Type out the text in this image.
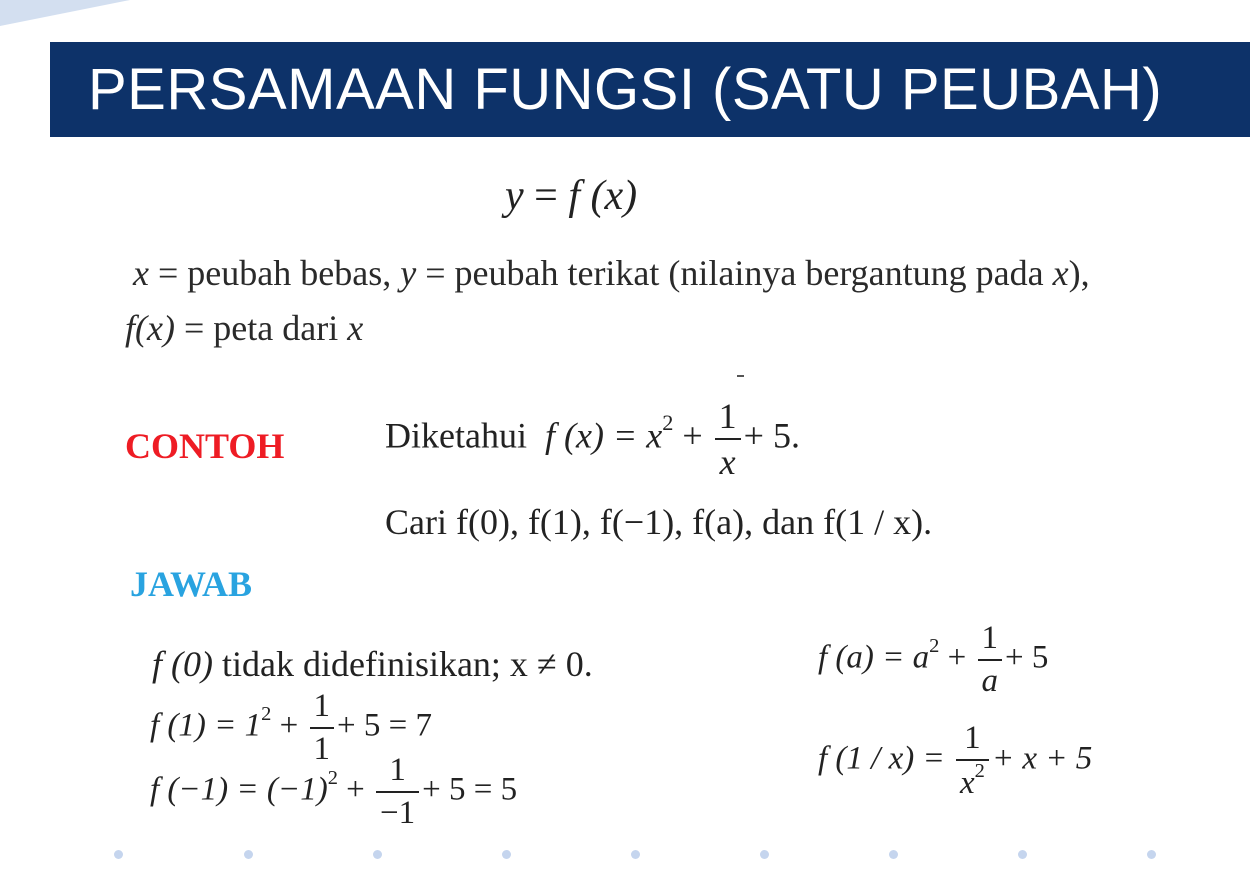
PERSAMAAN FUNGSI (SATU PEUBAH)
y = f (x)
x = peubah bebas, y = peubah terikat (nilainya bergantung pada x),
f(x) = peta dari x
CONTOH	Diketahui f $(x) = x^2 + \frac{1}{x} + 5$.
Cari f(0), f(1), f(−1), f(a), dan f(1 / x).
JAWAB
f (0) tidak didefinisikan; x ≠ 0.
f $(1) = 1^2 + \frac{1}{1} + 5 = 7$
f $(-1) = (-1)^2 + \frac{1}{-1} + 5 = 5$
f $(a) = a^2 + \frac{1}{a} + 5$
f $(1 / x) = \frac{1}{x^2} + x + 5$
